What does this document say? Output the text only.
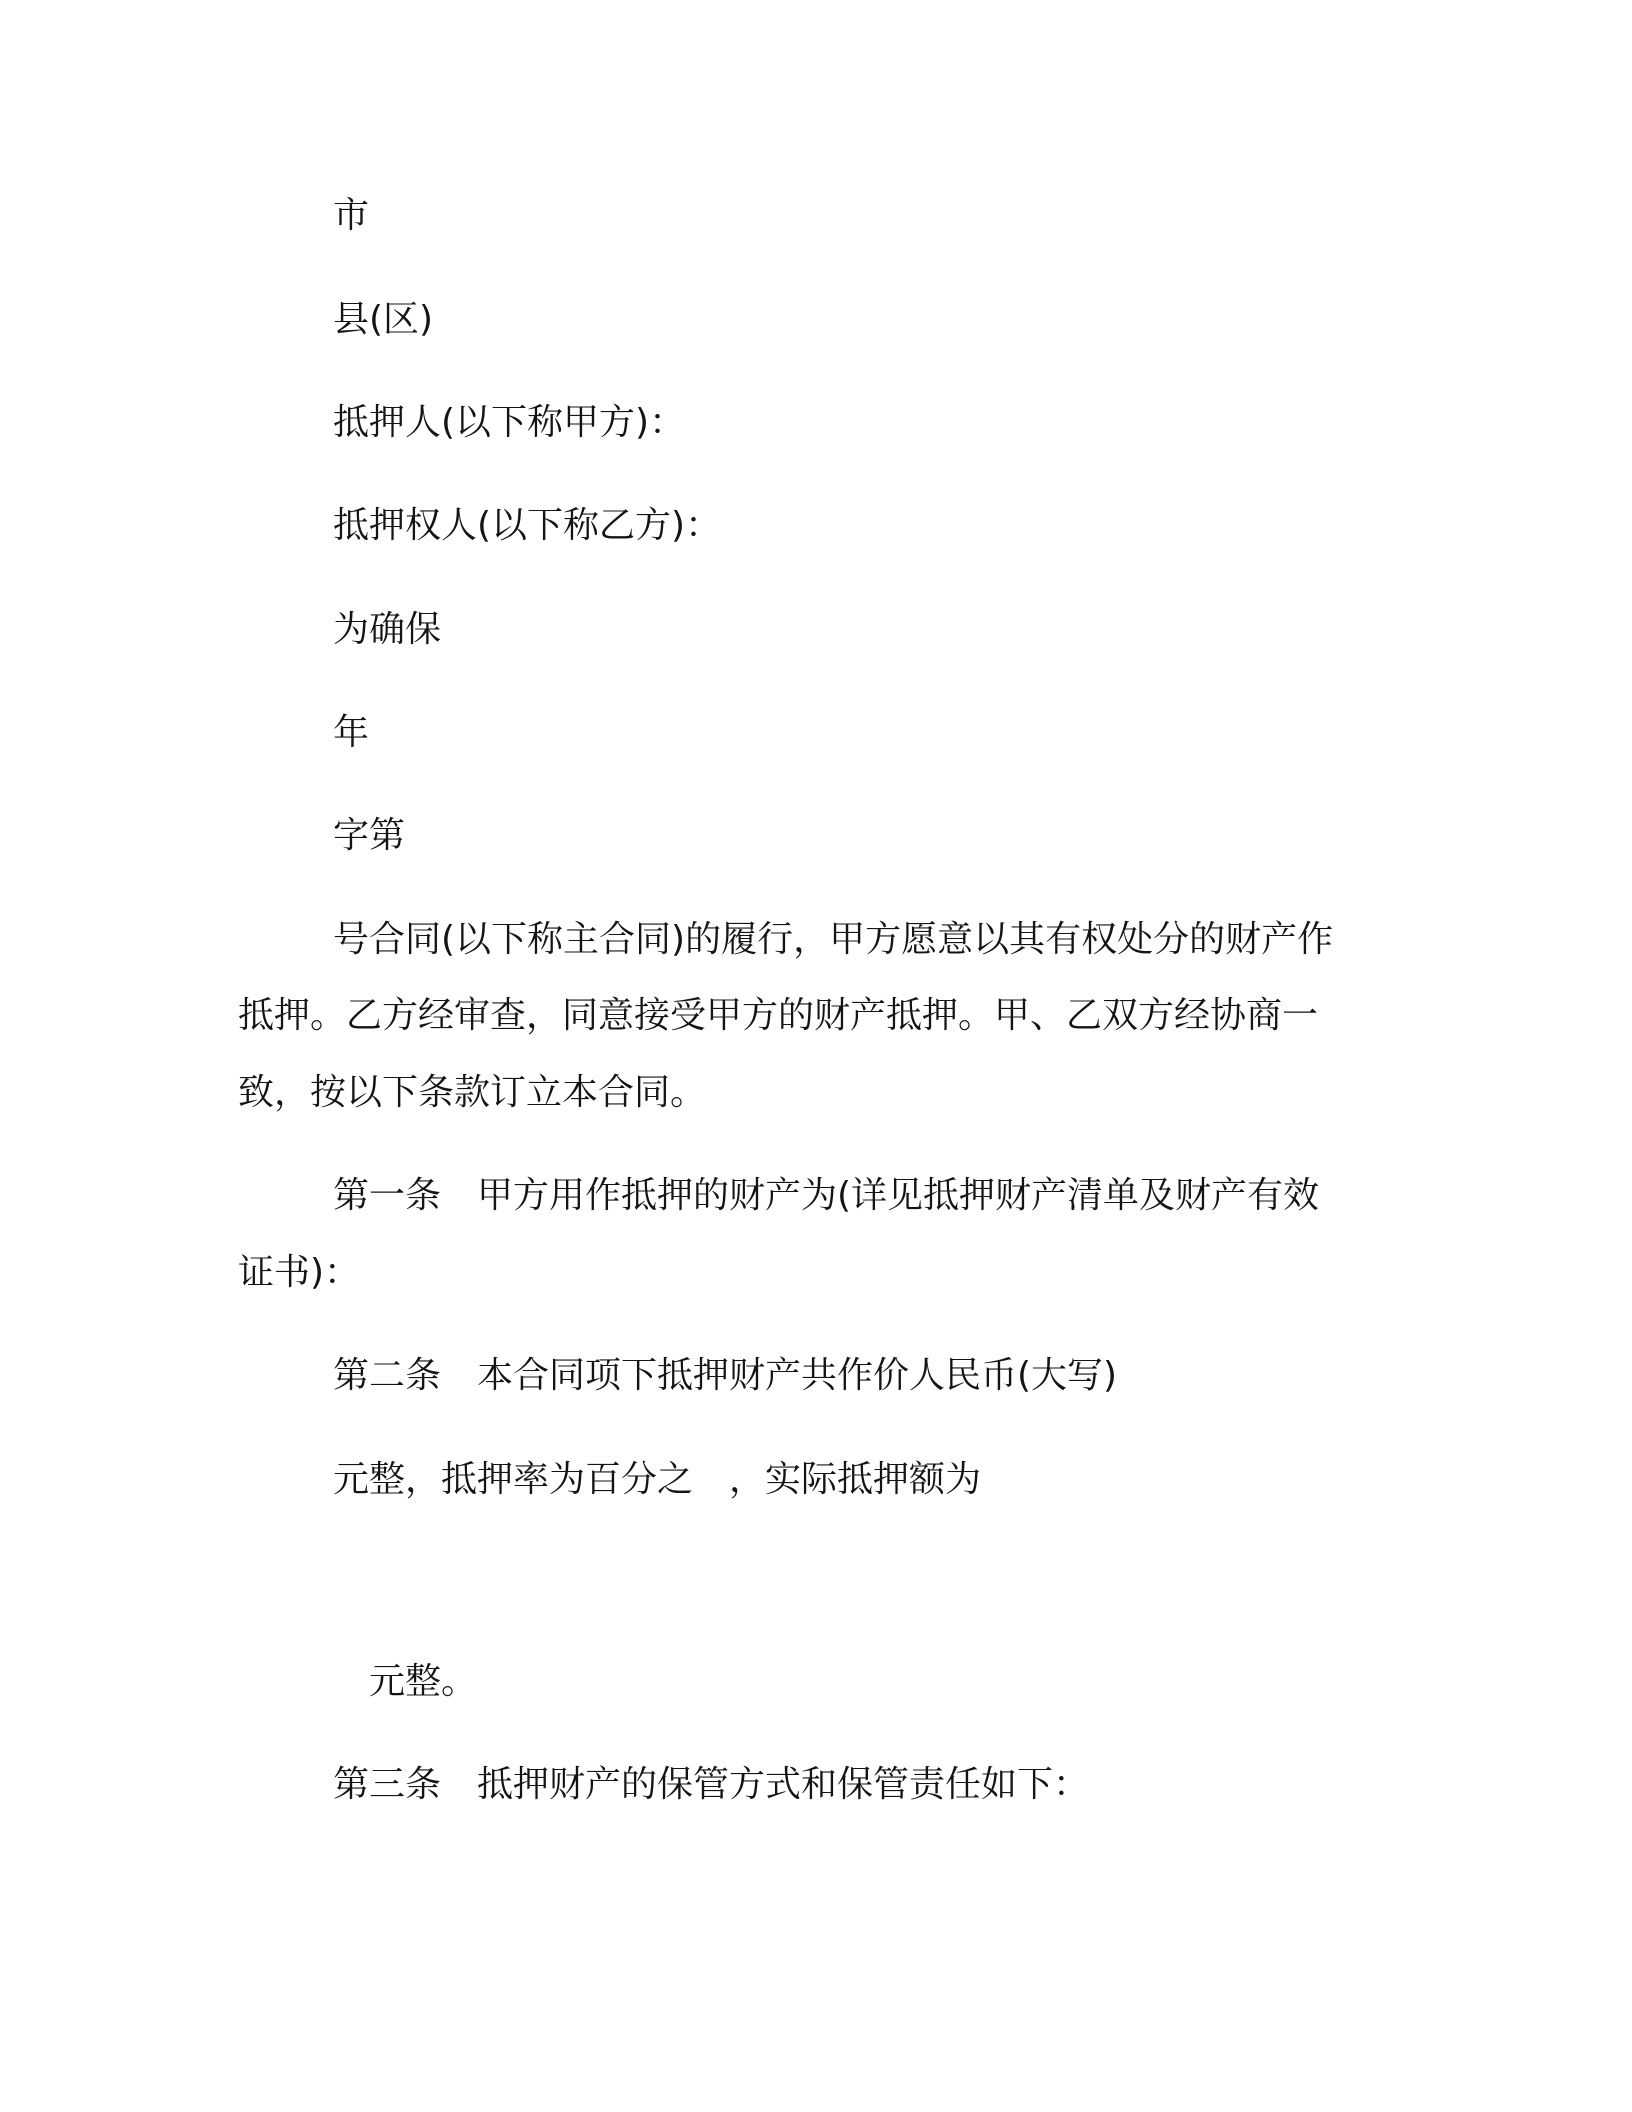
市
县(区)
抵押人(以下称甲方)：
抵押权人(以下称乙方)：
为确保
年
字第
号合同(以下称主合同)的履行，甲方愿意以其有权处分的财产作
抵押。乙方经审查，同意接受甲方的财产抵押。甲、乙双方经协商一
致，按以下条款订立本合同。
第一条 甲方用作抵押的财产为(详见抵押财产清单及财产有效
证书)：
第二条 本合同项下抵押财产共作价人民币(大写)
元整，抵押率为百分之 ，实际抵押额为
元整。
第三条 抵押财产的保管方式和保管责任如下：
